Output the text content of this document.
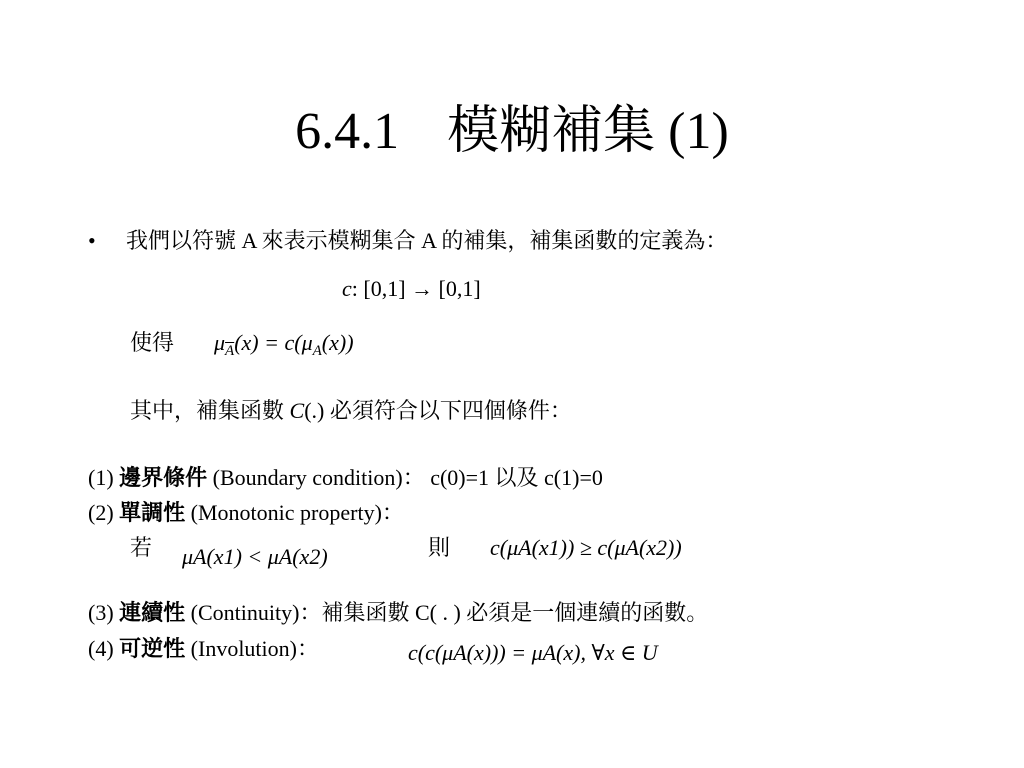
6.4.1 模糊補集 (1)
• 我們以符號 A 來表示模糊集合 A 的補集，補集函數的定義為：
c: [0,1] → [0,1]
使得 $\mu_{\overline{A}}(x) = c(\mu_A(x))$
其中，補集函數 C(.) 必須符合以下四個條件：
(1) 邊界條件 (Boundary condition)： c(0)=1 以及 c(1)=0
(2) 單調性 (Monotonic property)：
若 μA(x1) < μA(x2)	則 c(μA(x1)) ≥ c(μA(x2))
(3) 連續性 (Continuity)：補集函數 C( . ) 必須是一個連續的函數。
(4) 可逆性 (Involution)：	c(c(μA(x))) = μA(x), ∀x ∈ U
